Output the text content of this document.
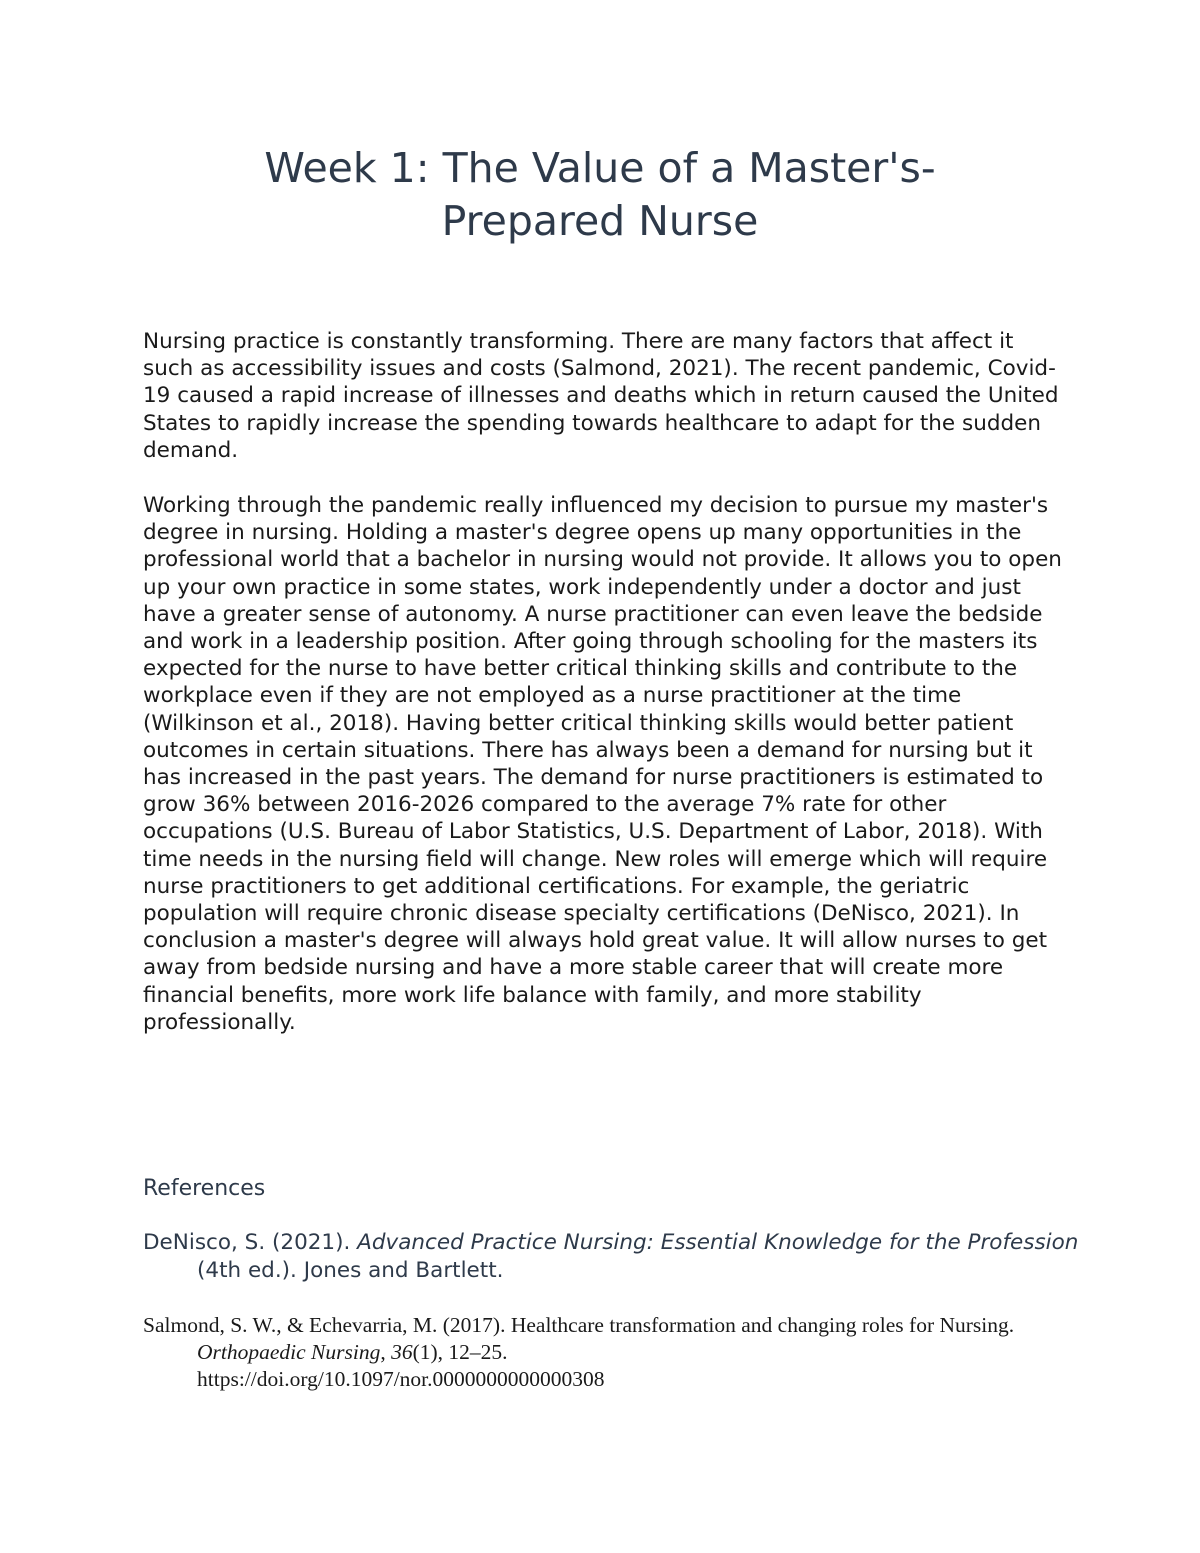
Week 1: The Value of a Master's-
Prepared Nurse

Nursing practice is constantly transforming. There are many factors that affect it such as accessibility issues and costs (Salmond, 2021). The recent pandemic, Covid-19 caused a rapid increase of illnesses and deaths which in return caused the United States to rapidly increase the spending towards healthcare to adapt for the sudden demand.

Working through the pandemic really influenced my decision to pursue my master's degree in nursing. Holding a master's degree opens up many opportunities in the professional world that a bachelor in nursing would not provide. It allows you to open up your own practice in some states, work independently under a doctor and just have a greater sense of autonomy. A nurse practitioner can even leave the bedside and work in a leadership position. After going through schooling for the masters its expected for the nurse to have better critical thinking skills and contribute to the workplace even if they are not employed as a nurse practitioner at the time (Wilkinson et al., 2018). Having better critical thinking skills would better patient outcomes in certain situations. There has always been a demand for nursing but it has increased in the past years. The demand for nurse practitioners is estimated to grow 36% between 2016-2026 compared to the average 7% rate for other occupations (U.S. Bureau of Labor Statistics, U.S. Department of Labor, 2018). With time needs in the nursing field will change. New roles will emerge which will require nurse practitioners to get additional certifications. For example, the geriatric population will require chronic disease specialty certifications (DeNisco, 2021). In conclusion a master's degree will always hold great value. It will allow nurses to get away from bedside nursing and have a more stable career that will create more financial benefits, more work life balance with family, and more stability professionally.

References

DeNisco, S. (2021). Advanced Practice Nursing: Essential Knowledge for the Profession (4th ed.). Jones and Bartlett.

Salmond, S. W., & Echevarria, M. (2017). Healthcare transformation and changing roles for Nursing. Orthopaedic Nursing, 36(1), 12–25.
https://doi.org/10.1097/nor.0000000000000308
